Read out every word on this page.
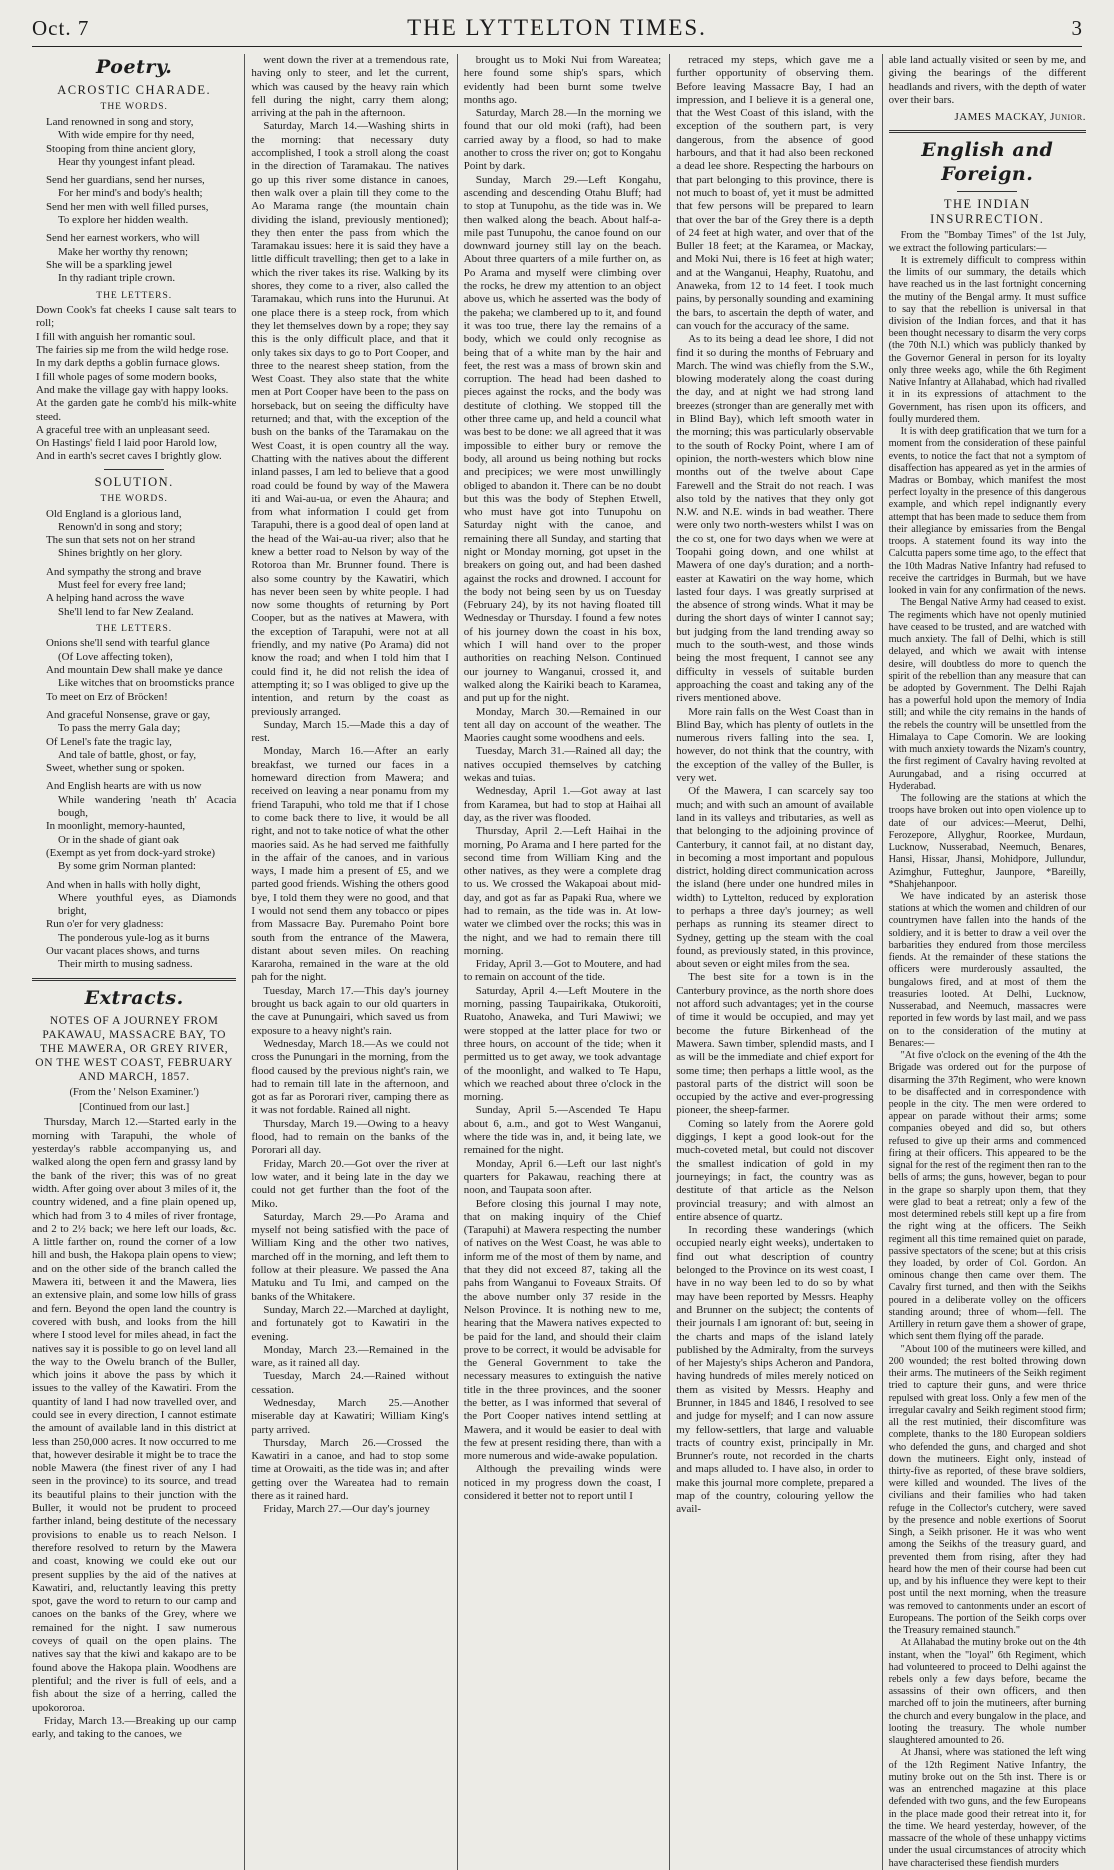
Oct. 7	THE LYTTELTON TIMES.	3
Poetry.
ACROSTIC CHARADE.
THE WORDS.
Land renowned in song and story,
With wide empire for thy need,
Stooping from thine ancient glory,
Hear thy youngest infant plead.
Send her guardians, send her nurses,
For her mind's and body's health;
Send her men with well filled purses,
To explore her hidden wealth.
Send her earnest workers, who will
Make her worthy thy renown;
She will be a sparkling jewel
In thy radiant triple crown.
THE LETTERS.
Down Cook's fat cheeks I cause salt tears to roll;
I fill with anguish her romantic soul.
The fairies sip me from the wild hedge rose.
In my dark depths a goblin furnace glows.
I fill whole pages of some modern books,
And make the village gay with happy looks.
At the garden gate he comb'd his milk-white steed.
A graceful tree with an unpleasant seed.
On Hastings' field I laid poor Harold low,
And in earth's secret caves I brightly glow.
SOLUTION.
THE WORDS.
Old England is a glorious land,
Renown'd in song and story;
The sun that sets not on her strand
Shines brightly on her glory.
And sympathy the strong and brave
Must feel for every free land;
A helping hand across the wave
She'll lend to far New Zealand.
THE LETTERS.
Onions she'll send with tearful glance
(Of Love affecting token),
And mountain Dew shall make ye dance
Like witches that on broomsticks prance
To meet on Erz of Bröcken!
And graceful Nonsense, grave or gay,
To pass the merry Gala day;
Of Lenel's fate the tragic lay,
And tale of battle, ghost, or fay,
Sweet, whether sung or spoken.
And English hearts are with us now
While wandering 'neath th' Acacia bough,
In moonlight, memory-haunted,
Or in the shade of giant oak
(Exempt as yet from dock-yard stroke)
By some grim Norman planted:
And when in halls with holly dight,
Where youthful eyes, as Diamonds bright,
Run o'er for very gladness:
The ponderous yule-log as it burns
Our vacant places shows, and turns
Their mirth to musing sadness.
Extracts.
NOTES OF A JOURNEY FROM PAKAWAU, MASSACRE BAY, TO THE MAWERA, OR GREY RIVER, ON THE WEST COAST, FEBRUARY AND MARCH, 1857.
(From the ' Nelson Examiner.')
[Continued from our last.]

Thursday, March 12.—Started early in the morning with Tarapuhi, the whole of yesterday's rabble accompanying us, and walked along the open fern and grassy land by the bank of the river; this was of no great width. After going over about 3 miles of it, the country widened, and a fine plain opened up, which had from 3 to 4 miles of river frontage, and 2 to 2½ back; we here left our loads, &c. A little farther on, round the corner of a low hill and bush, the Hakopa plain opens to view; and on the other side of the branch called the Mawera iti, between it and the Mawera, lies an extensive plain, and some low hills of grass and fern. Beyond the open land the country is covered with bush, and looks from the hill where I stood level for miles ahead, in fact the natives say it is possible to go on level land all the way to the Owelu branch of the Buller, which joins it above the pass by which it issues to the valley of the Kawatiri. From the quantity of land I had now travelled over, and could see in every direction, I cannot estimate the amount of available land in this district at less than 250,000 acres. It now occurred to me that, however desirable it might be to trace the noble Mawera (the finest river of any I had seen in the province) to its source, and tread its beautiful plains to their junction with the Buller, it would not be prudent to proceed farther inland, being destitute of the necessary provisions to enable us to reach Nelson. I therefore resolved to return by the Mawera and coast, knowing we could eke out our present supplies by the aid of the natives at Kawatiri, and, reluctantly leaving this pretty spot, gave the word to return to our camp and canoes on the banks of the Grey, where we remained for the night. I saw numerous coveys of quail on the open plains. The natives say that the kiwi and kakapo are to be found above the Hakopa plain. Woodhens are plentiful; and the river is full of eels, and a fish about the size of a herring, called the upokororoa.

Friday, March 13.—Breaking up our camp early, and taking to the canoes, we

went down the river at a tremendous rate, having only to steer, and let the current, which was caused by the heavy rain which fell during the night, carry them along; arriving at the pah in the afternoon.

Saturday, March 14.—Washing shirts in the morning: that necessary duty accomplished, I took a stroll along the coast in the direction of Taramakau. The natives go up this river some distance in canoes, then walk over a plain till they come to the Ao Marama range (the mountain chain dividing the island, previously mentioned); they then enter the pass from which the Taramakau issues: here it is said they have a little difficult travelling; then get to a lake in which the river takes its rise. Walking by its shores, they come to a river, also called the Taramakau, which runs into the Hurunui. At one place there is a steep rock, from which they let themselves down by a rope; they say this is the only difficult place, and that it only takes six days to go to Port Cooper, and three to the nearest sheep station, from the West Coast. They also state that the white men at Port Cooper have been to the pass on horseback, but on seeing the difficulty have returned; and that, with the exception of the bush on the banks of the Taramakau on the West Coast, it is open country all the way. Chatting with the natives about the different inland passes, I am led to believe that a good road could be found by way of the Mawera iti and Wai-au-ua, or even the Ahaura; and from what information I could get from Tarapuhi, there is a good deal of open land at the head of the Wai-au-ua river; also that he knew a better road to Nelson by way of the Rotoroa than Mr. Brunner found. There is also some country by the Kawatiri, which has never been seen by white people. I had now some thoughts of returning by Port Cooper, but as the natives at Mawera, with the exception of Tarapuhi, were not at all friendly, and my native (Po Arama) did not know the road; and when I told him that I could find it, he did not relish the idea of attempting it; so I was obliged to give up the intention, and return by the coast as previously arranged.

Sunday, March 15.—Made this a day of rest.

Monday, March 16.—After an early breakfast, we turned our faces in a homeward direction from Mawera; and received on leaving a near ponamu from my friend Tarapuhi, who told me that if I chose to come back there to live, it would be all right, and not to take notice of what the other maories said. As he had served me faithfully in the affair of the canoes, and in various ways, I made him a present of £5, and we parted good friends. Wishing the others good bye, I told them they were no good, and that I would not send them any tobacco or pipes from Massacre Bay. Puremaho Point bore south from the entrance of the Mawera, distant about seven miles. On reaching Kararoha, remained in the ware at the old pah for the night.

Tuesday, March 17.—This day's journey brought us back again to our old quarters in the cave at Punungairi, which saved us from exposure to a heavy night's rain.

Wednesday, March 18.—As we could not cross the Punungari in the morning, from the flood caused by the previous night's rain, we had to remain till late in the afternoon, and got as far as Pororari river, camping there as it was not fordable. Rained all night.

Thursday, March 19.—Owing to a heavy flood, had to remain on the banks of the Pororari all day.

Friday, March 20.—Got over the river at low water, and it being late in the day we could not get further than the foot of the Miko.

Saturday, March 29.—Po Arama and myself not being satisfied with the pace of William King and the other two natives, marched off in the morning, and left them to follow at their pleasure. We passed the Ana Matuku and Tu Imi, and camped on the banks of the Whitakere.

Sunday, March 22.—Marched at daylight, and fortunately got to Kawatiri in the evening.

Monday, March 23.—Remained in the ware, as it rained all day.

Tuesday, March 24.—Rained without cessation.

Wednesday, March 25.—Another miserable day at Kawatiri; William King's party arrived.

Thursday, March 26.—Crossed the Kawatiri in a canoe, and had to stop some time at Orowaiti, as the tide was in; and after getting over the Wareatea had to remain there as it rained hard.

Friday, March 27.—Our day's journey

brought us to Moki Nui from Wareatea; here found some ship's spars, which evidently had been burnt some twelve months ago.

Saturday, March 28.—In the morning we found that our old moki (raft), had been carried away by a flood, so had to make another to cross the river on; got to Kongahu Point by dark.

Sunday, March 29.—Left Kongahu, ascending and descending Otahu Bluff; had to stop at Tunupohu, as the tide was in. We then walked along the beach. About half-a-mile past Tunupohu, the canoe found on our downward journey still lay on the beach. About three quarters of a mile further on, as Po Arama and myself were climbing over the rocks, he drew my attention to an object above us, which he asserted was the body of the pakeha; we clambered up to it, and found it was too true, there lay the remains of a body, which we could only recognise as being that of a white man by the hair and feet, the rest was a mass of brown skin and corruption. The head had been dashed to pieces against the rocks, and the body was destitute of clothing. We stopped till the other three came up, and held a council what was best to be done: we all agreed that it was impossible to either bury or remove the body, all around us being nothing but rocks and precipices; we were most unwillingly obliged to abandon it. There can be no doubt but this was the body of Stephen Etwell, who must have got into Tunupohu on Saturday night with the canoe, and remaining there all Sunday, and starting that night or Monday morning, got upset in the breakers on going out, and had been dashed against the rocks and drowned. I account for the body not being seen by us on Tuesday (February 24), by its not having floated till Wednesday or Thursday. I found a few notes of his journey down the coast in his box, which I will hand over to the proper authorities on reaching Nelson. Continued our journey to Wanganui, crossed it, and walked along the Kairiki beach to Karamea, and put up for the night.

Monday, March 30.—Remained in our tent all day on account of the weather. The Maories caught some woodhens and eels.

Tuesday, March 31.—Rained all day; the natives occupied themselves by catching wekas and tuias.

Wednesday, April 1.—Got away at last from Karamea, but had to stop at Haihai all day, as the river was flooded.

Thursday, April 2.—Left Haihai in the morning, Po Arama and I here parted for the second time from William King and the other natives, as they were a complete drag to us. We crossed the Wakapoai about mid-day, and got as far as Papaki Rua, where we had to remain, as the tide was in. At low-water we climbed over the rocks; this was in the night, and we had to remain there till morning.

Friday, April 3.—Got to Moutere, and had to remain on account of the tide.

Saturday, April 4.—Left Moutere in the morning, passing Taupairikaka, Otukoroiti, Ruatoho, Anaweka, and Turi Mawiwi; we were stopped at the latter place for two or three hours, on account of the tide; when it permitted us to get away, we took advantage of the moonlight, and walked to Te Hapu, which we reached about three o'clock in the morning.

Sunday, April 5.—Ascended Te Hapu about 6, a.m., and got to West Wanganui, where the tide was in, and, it being late, we remained for the night.

Monday, April 6.—Left our last night's quarters for Pakawau, reaching there at noon, and Taupata soon after.

Before closing this journal I may note, that on making inquiry of the Chief (Tarapuhi) at Mawera respecting the number of natives on the West Coast, he was able to inform me of the most of them by name, and that they did not exceed 87, taking all the pahs from Wanganui to Foveaux Straits. Of the above number only 37 reside in the Nelson Province. It is nothing new to me, hearing that the Mawera natives expected to be paid for the land, and should their claim prove to be correct, it would be advisable for the General Government to take the necessary measures to extinguish the native title in the three provinces, and the sooner the better, as I was informed that several of the Port Cooper natives intend settling at Mawera, and it would be easier to deal with the few at present residing there, than with a more numerous and wide-awake population.

Although the prevailing winds were noticed in my progress down the coast, I considered it better not to report until I

retraced my steps, which gave me a further opportunity of observing them. Before leaving Massacre Bay, I had an impression, and I believe it is a general one, that the West Coast of this island, with the exception of the southern part, is very dangerous, from the absence of good harbours, and that it had also been reckoned a dead lee shore. Respecting the harbours on that part belonging to this province, there is not much to boast of, yet it must be admitted that few persons will be prepared to learn that over the bar of the Grey there is a depth of 24 feet at high water, and over that of the Buller 18 feet; at the Karamea, or Mackay, and Moki Nui, there is 16 feet at high water; and at the Wanganui, Heaphy, Ruatohu, and Anaweka, from 12 to 14 feet. I took much pains, by personally sounding and examining the bars, to ascertain the depth of water, and can vouch for the accuracy of the same.

As to its being a dead lee shore, I did not find it so during the months of February and March. The wind was chiefly from the S.W., blowing moderately along the coast during the day, and at night we had strong land breezes (stronger than are generally met with in Blind Bay), which left smooth water in the morning; this was particularly observable to the south of Rocky Point, where I am of opinion, the north-westers which blow nine months out of the twelve about Cape Farewell and the Strait do not reach. I was also told by the natives that they only got N.W. and N.E. winds in bad weather. There were only two north-westers whilst I was on the co st, one for two days when we were at Toopahi going down, and one whilst at Mawera of one day's duration; and a north-easter at Kawatiri on the way home, which lasted four days. I was greatly surprised at the absence of strong winds. What it may be during the short days of winter I cannot say; but judging from the land trending away so much to the south-west, and those winds being the most frequent, I cannot see any difficulty in vessels of suitable burden approaching the coast and taking any of the rivers mentioned above.

More rain falls on the West Coast than in Blind Bay, which has plenty of outlets in the numerous rivers falling into the sea. I, however, do not think that the country, with the exception of the valley of the Buller, is very wet.

Of the Mawera, I can scarcely say too much; and with such an amount of available land in its valleys and tributaries, as well as that belonging to the adjoining province of Canterbury, it cannot fail, at no distant day, in becoming a most important and populous district, holding direct communication across the island (here under one hundred miles in width) to Lyttelton, reduced by exploration to perhaps a three day's journey; as well perhaps as running its steamer direct to Sydney, getting up the steam with the coal found, as previously stated, in this province, about seven or eight miles from the sea.

The best site for a town is in the Canterbury province, as the north shore does not afford such advantages; yet in the course of time it would be occupied, and may yet become the future Birkenhead of the Mawera. Sawn timber, splendid masts, and I as will be the immediate and chief export for some time; then perhaps a little wool, as the pastoral parts of the district will soon be occupied by the active and ever-progressing pioneer, the sheep-farmer.

Coming so lately from the Aorere gold diggings, I kept a good look-out for the much-coveted metal, but could not discover the smallest indication of gold in my journeyings; in fact, the country was as destitute of that article as the Nelson provincial treasury; and with almost an entire absence of quartz.

In recording these wanderings (which occupied nearly eight weeks), undertaken to find out what description of country belonged to the Province on its west coast, I have in no way been led to do so by what may have been reported by Messrs. Heaphy and Brunner on the subject; the contents of their journals I am ignorant of: but, seeing in the charts and maps of the island lately published by the Admiralty, from the surveys of her Majesty's ships Acheron and Pandora, having hundreds of miles merely noticed on them as visited by Messrs. Heaphy and Brunner, in 1845 and 1846, I resolved to see and judge for myself; and I can now assure my fellow-settlers, that large and valuable tracts of country exist, principally in Mr. Brunner's route, not recorded in the charts and maps alluded to. I have also, in order to make this journal more complete, prepared a map of the country, colouring yellow the avail-

able land actually visited or seen by me, and giving the bearings of the different headlands and rivers, with the depth of water over their bars.

JAMES MACKAY, Junior.
English and Foreign.
THE INDIAN INSURRECTION.

From the "Bombay Times" of the 1st July, we extract the following particulars:—

It is extremely difficult to compress within the limits of our summary, the details which have reached us in the last fortnight concerning the mutiny of the Bengal army. It must suffice to say that the rebellion is universal in that division of the Indian forces, and that it has been thought necessary to disarm the very corps (the 70th N.I.) which was publicly thanked by the Governor General in person for its loyalty only three weeks ago, while the 6th Regiment Native Infantry at Allahabad, which had rivalled it in its expressions of attachment to the Government, has risen upon its officers, and foully murdered them.

It is with deep gratification that we turn for a moment from the consideration of these painful events, to notice the fact that not a symptom of disaffection has appeared as yet in the armies of Madras or Bombay, which manifest the most perfect loyalty in the presence of this dangerous example, and which repel indignantly every attempt that has been made to seduce them from their allegiance by emissaries from the Bengal troops. A statement found its way into the Calcutta papers some time ago, to the effect that the 10th Madras Native Infantry had refused to receive the cartridges in Burmah, but we have looked in vain for any confirmation of the news.

The Bengal Native Army had ceased to exist. The regiments which have not openly mutinied have ceased to be trusted, and are watched with much anxiety. The fall of Delhi, which is still delayed, and which we await with intense desire, will doubtless do more to quench the spirit of the rebellion than any measure that can be adopted by Government. The Delhi Rajah has a powerful hold upon the memory of India still; and while the city remains in the hands of the rebels the country will be unsettled from the Himalaya to Cape Comorin. We are looking with much anxiety towards the Nizam's country, the first regiment of Cavalry having revolted at Aurungabad, and a rising occurred at Hyderabad.

The following are the stations at which the troops have broken out into open violence up to date of our advices:—Meerut, Delhi, Ferozepore, Allyghur, Roorkee, Murdaun, Lucknow, Nusserabad, Neemuch, Benares, Hansi, Hissar, Jhansi, Mohidpore, Jullundur, Azimghur, Futteghur, Jaunpore, *Bareilly, *Shahjehanpoor.

We have indicated by an asterisk those stations at which the women and children of our countrymen have fallen into the hands of the soldiery, and it is better to draw a veil over the barbarities they endured from those merciless fiends. At the remainder of these stations the officers were murderously assaulted, the bungalows fired, and at most of them the treasuries looted. At Delhi, Lucknow, Nusserabad, and Neemuch, massacres were reported in few words by last mail, and we pass on to the consideration of the mutiny at Benares:—

"At five o'clock on the evening of the 4th the Brigade was ordered out for the purpose of disarming the 37th Regiment, who were known to be disaffected and in correspondence with people in the city. The men were ordered to appear on parade without their arms; some companies obeyed and did so, but others refused to give up their arms and commenced firing at their officers. This appeared to be the signal for the rest of the regiment then ran to the bells of arms; the guns, however, began to pour in the grape so sharply upon them, that they were glad to beat a retreat; only a few of the most determined rebels still kept up a fire from the right wing at the officers. The Seikh regiment all this time remained quiet on parade, passive spectators of the scene; but at this crisis they loaded, by order of Col. Gordon. An ominous change then came over them. The Cavalry first turned, and then with the Seikhs poured in a deliberate volley on the officers standing around; three of whom—fell. The Artillery in return gave them a shower of grape, which sent them flying off the parade.

"About 100 of the mutineers were killed, and 200 wounded; the rest bolted throwing down their arms. The mutineers of the Seikh regiment tried to capture their guns, and were thrice repulsed with great loss. Only a few men of the irregular cavalry and Seikh regiment stood firm; all the rest mutinied, their discomfiture was complete, thanks to the 180 European soldiers who defended the guns, and charged and shot down the mutineers. Eight only, instead of thirty-five as reported, of these brave soldiers, were killed and wounded. The lives of the civilians and their families who had taken refuge in the Collector's cutchery, were saved by the presence and noble exertions of Soorut Singh, a Seikh prisoner. He it was who went among the Seikhs of the treasury guard, and prevented them from rising, after they had heard how the men of their course had been cut up, and by his influence they were kept to their post until the next morning, when the treasure was removed to cantonments under an escort of Europeans. The portion of the Seikh corps over the Treasury remained staunch."

At Allahabad the mutiny broke out on the 4th instant, when the "loyal" 6th Regiment, which had volunteered to proceed to Delhi against the rebels only a few days before, became the assassins of their own officers, and then marched off to join the mutineers, after burning the church and every bungalow in the place, and looting the treasury. The whole number slaughtered amounted to 26.

At Jhansi, where was stationed the left wing of the 12th Regiment Native Infantry, the mutiny broke out on the 5th inst. There is or was an entrenched magazine at this place defended with two guns, and the few Europeans in the place made good their retreat into it, for the time. We heard yesterday, however, of the massacre of the whole of these unhappy victims under the usual circumstances of atrocity which have characterised these fiendish murders
